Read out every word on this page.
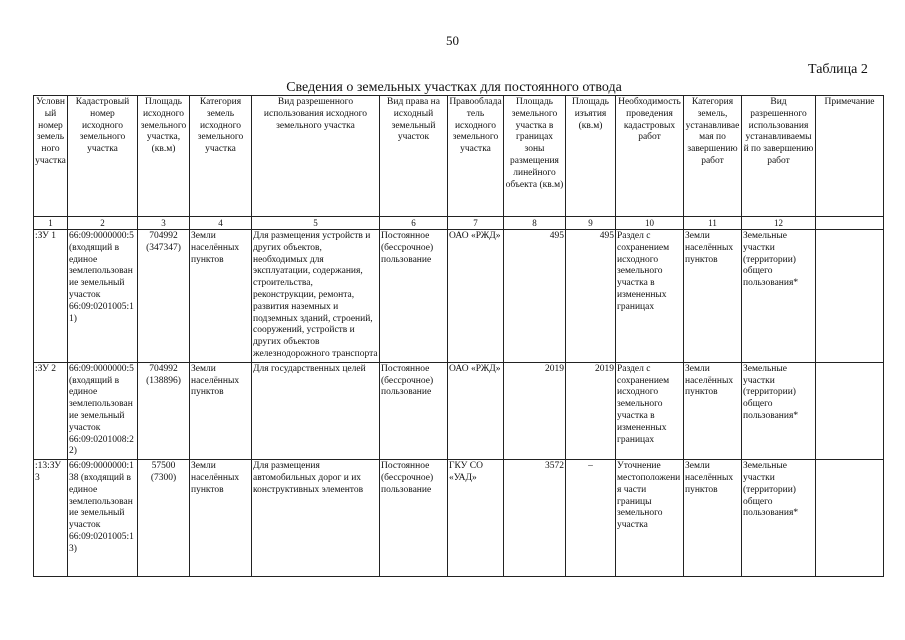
50
Таблица 2
Сведения о земельных участках для постоянного отвода
Условный номер земельного участка	Кадастровый номер исходного земельного участка	Площадь исходного земельного участка, (кв.м)	Категория земель исходного земельного участка	Вид разрешенного использования исходного земельного участка	Вид права на исходный земельный участок	Правообладатель исходного земельного участка	Площадь земельного участка в границах зоны размещения линейного объекта (кв.м)	Площадь изъятия (кв.м)	Необходимость проведения кадастровых работ	Категория земель, устанавливаемая по завершению работ	Вид разрешенного использования устанавливаемый по завершению работ	Примечание
1	2	3	4	5	6	7	8	9	10	11	12	
:ЗУ 1	66:09:0000000:5 (входящий в единое землепользование земельный участок 66:09:0201005:11)	704992 (347347)	Земли населённых пунктов	Для размещения устройств и других объектов, необходимых для эксплуатации, содержания, строительства, реконструкции, ремонта, развития наземных и подземных зданий, строений, сооружений, устройств и других объектов железнодорожного транспорта	Постоянное (бессрочное) пользование	ОАО «РЖД»	495	495	Раздел с сохранением исходного земельного участка в измененных границах	Земли населённых пунктов	Земельные участки (территории) общего пользования*	
:ЗУ 2	66:09:0000000:5 (входящий в единое землепользование земельный участок 66:09:0201008:22)	704992 (138896)	Земли населённых пунктов	Для государственных целей	Постоянное (бессрочное) пользование	ОАО «РЖД»	2019	2019	Раздел с сохранением исходного земельного участка в измененных границах	Земли населённых пунктов	Земельные участки (территории) общего пользования*	
:13:ЗУ 3	66:09:0000000:138 (входящий в единое землепользование земельный участок 66:09:0201005:13)	57500 (7300)	Земли населённых пунктов	Для размещения автомобильных дорог и их конструктивных элементов	Постоянное (бессрочное) пользование	ГКУ СО «УАД»	3572	–	Уточнение местоположения части границы земельного участка	Земли населённых пунктов	Земельные участки (территории) общего пользования*	
